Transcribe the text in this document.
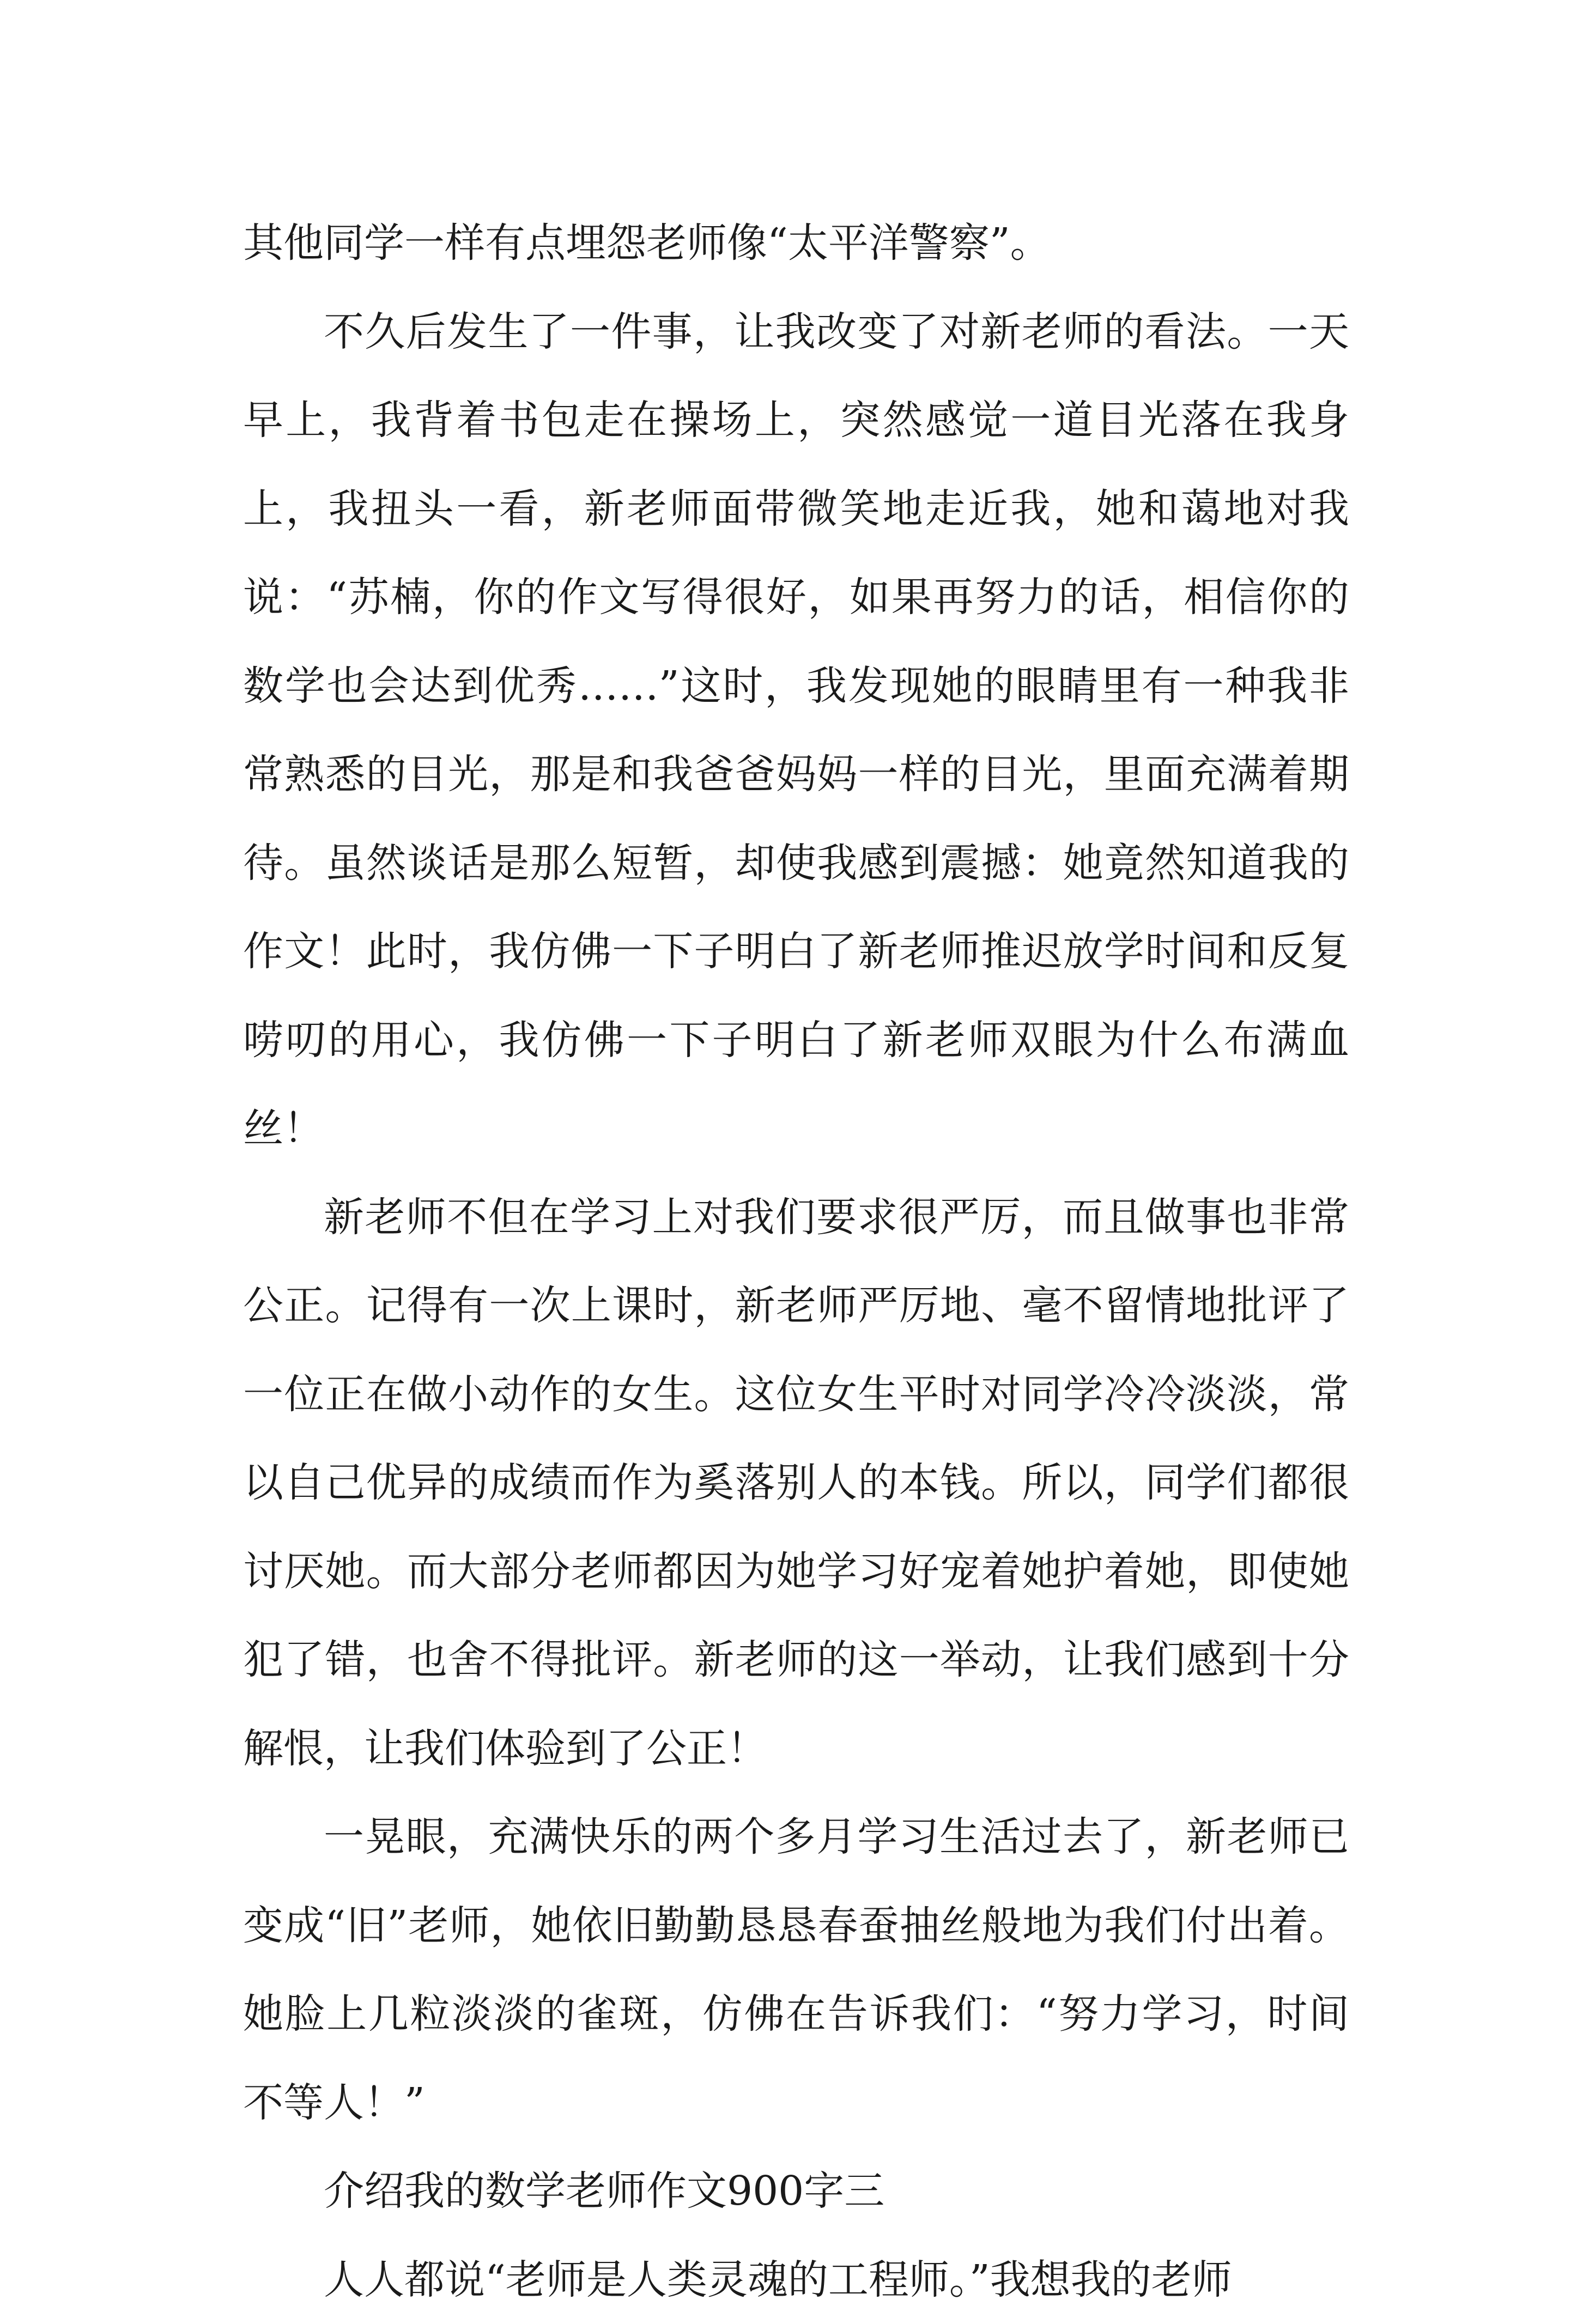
其他同学一样有点埋怨老师像“太平洋警察”。

不久后发生了一件事，让我改变了对新老师的看法。一天早上，我背着书包走在操场上，突然感觉一道目光落在我身上，我扭头一看，新老师面带微笑地走近我，她和蔼地对我说：“苏楠，你的作文写得很好，如果再努力的话，相信你的数学也会达到优秀……”这时，我发现她的眼睛里有一种我非常熟悉的目光，那是和我爸爸妈妈一样的目光，里面充满着期待。虽然谈话是那么短暂，却使我感到震撼：她竟然知道我的作文！此时，我仿佛一下子明白了新老师推迟放学时间和反复唠叨的用心，我仿佛一下子明白了新老师双眼为什么布满血丝！

新老师不但在学习上对我们要求很严厉，而且做事也非常公正。记得有一次上课时，新老师严厉地、毫不留情地批评了一位正在做小动作的女生。这位女生平时对同学冷冷淡淡，常以自己优异的成绩而作为奚落别人的本钱。所以，同学们都很讨厌她。而大部分老师都因为她学习好宠着她护着她，即使她犯了错，也舍不得批评。新老师的这一举动，让我们感到十分解恨，让我们体验到了公正！

一晃眼，充满快乐的两个多月学习生活过去了，新老师已变成“旧”老师，她依旧勤勤恳恳春蚕抽丝般地为我们付出着。她脸上几粒淡淡的雀斑，仿佛在告诉我们：“努力学习，时间不等人！”

介绍我的数学老师作文900字三

人人都说“老师是人类灵魂的工程师。”我想我的老师
